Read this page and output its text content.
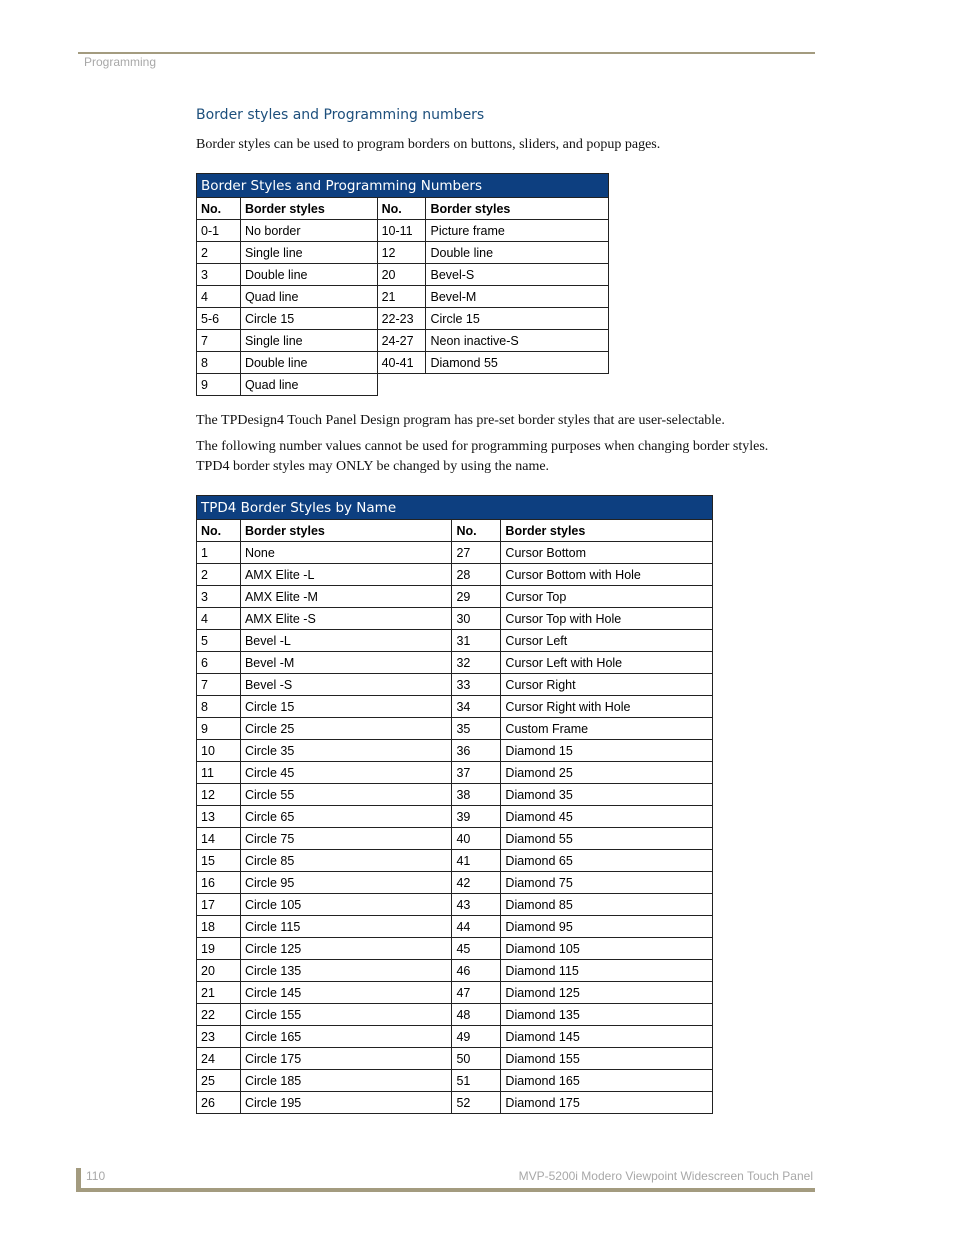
Programming
Border styles and Programming numbers

Border styles can be used to program borders on buttons, sliders, and popup pages.

Border Styles and Programming Numbers			
No.	Border styles	No.	Border styles
0-1	No border	10-11	Picture frame
2	Single line	12	Double line
3	Double line	20	Bevel-S
4	Quad line	21	Bevel-M
5-6	Circle 15	22-23	Circle 15
7	Single line	24-27	Neon inactive-S
8	Double line	40-41	Diamond 55
9	Quad line		

The TPDesign4 Touch Panel Design program has pre-set border styles that are user-selectable.

The following number values cannot be used for programming purposes when changing border styles.

TPD4 border styles may ONLY be changed by using the name.

TPD4 Border Styles by Name			
No.	Border styles	No.	Border styles
1	None	27	Cursor Bottom
2	AMX Elite -L	28	Cursor Bottom with Hole
3	AMX Elite -M	29	Cursor Top
4	AMX Elite -S	30	Cursor Top with Hole
5	Bevel -L	31	Cursor Left
6	Bevel -M	32	Cursor Left with Hole
7	Bevel -S	33	Cursor Right
8	Circle 15	34	Cursor Right with Hole
9	Circle 25	35	Custom Frame
10	Circle 35	36	Diamond 15
11	Circle 45	37	Diamond 25
12	Circle 55	38	Diamond 35
13	Circle 65	39	Diamond 45
14	Circle 75	40	Diamond 55
15	Circle 85	41	Diamond 65
16	Circle 95	42	Diamond 75
17	Circle 105	43	Diamond 85
18	Circle 115	44	Diamond 95
19	Circle 125	45	Diamond 105
20	Circle 135	46	Diamond 115
21	Circle 145	47	Diamond 125
22	Circle 155	48	Diamond 135
23	Circle 165	49	Diamond 145
24	Circle 175	50	Diamond 155
25	Circle 185	51	Diamond 165
26	Circle 195	52	Diamond 175
110	MVP-5200i Modero Viewpoint Widescreen Touch Panel
